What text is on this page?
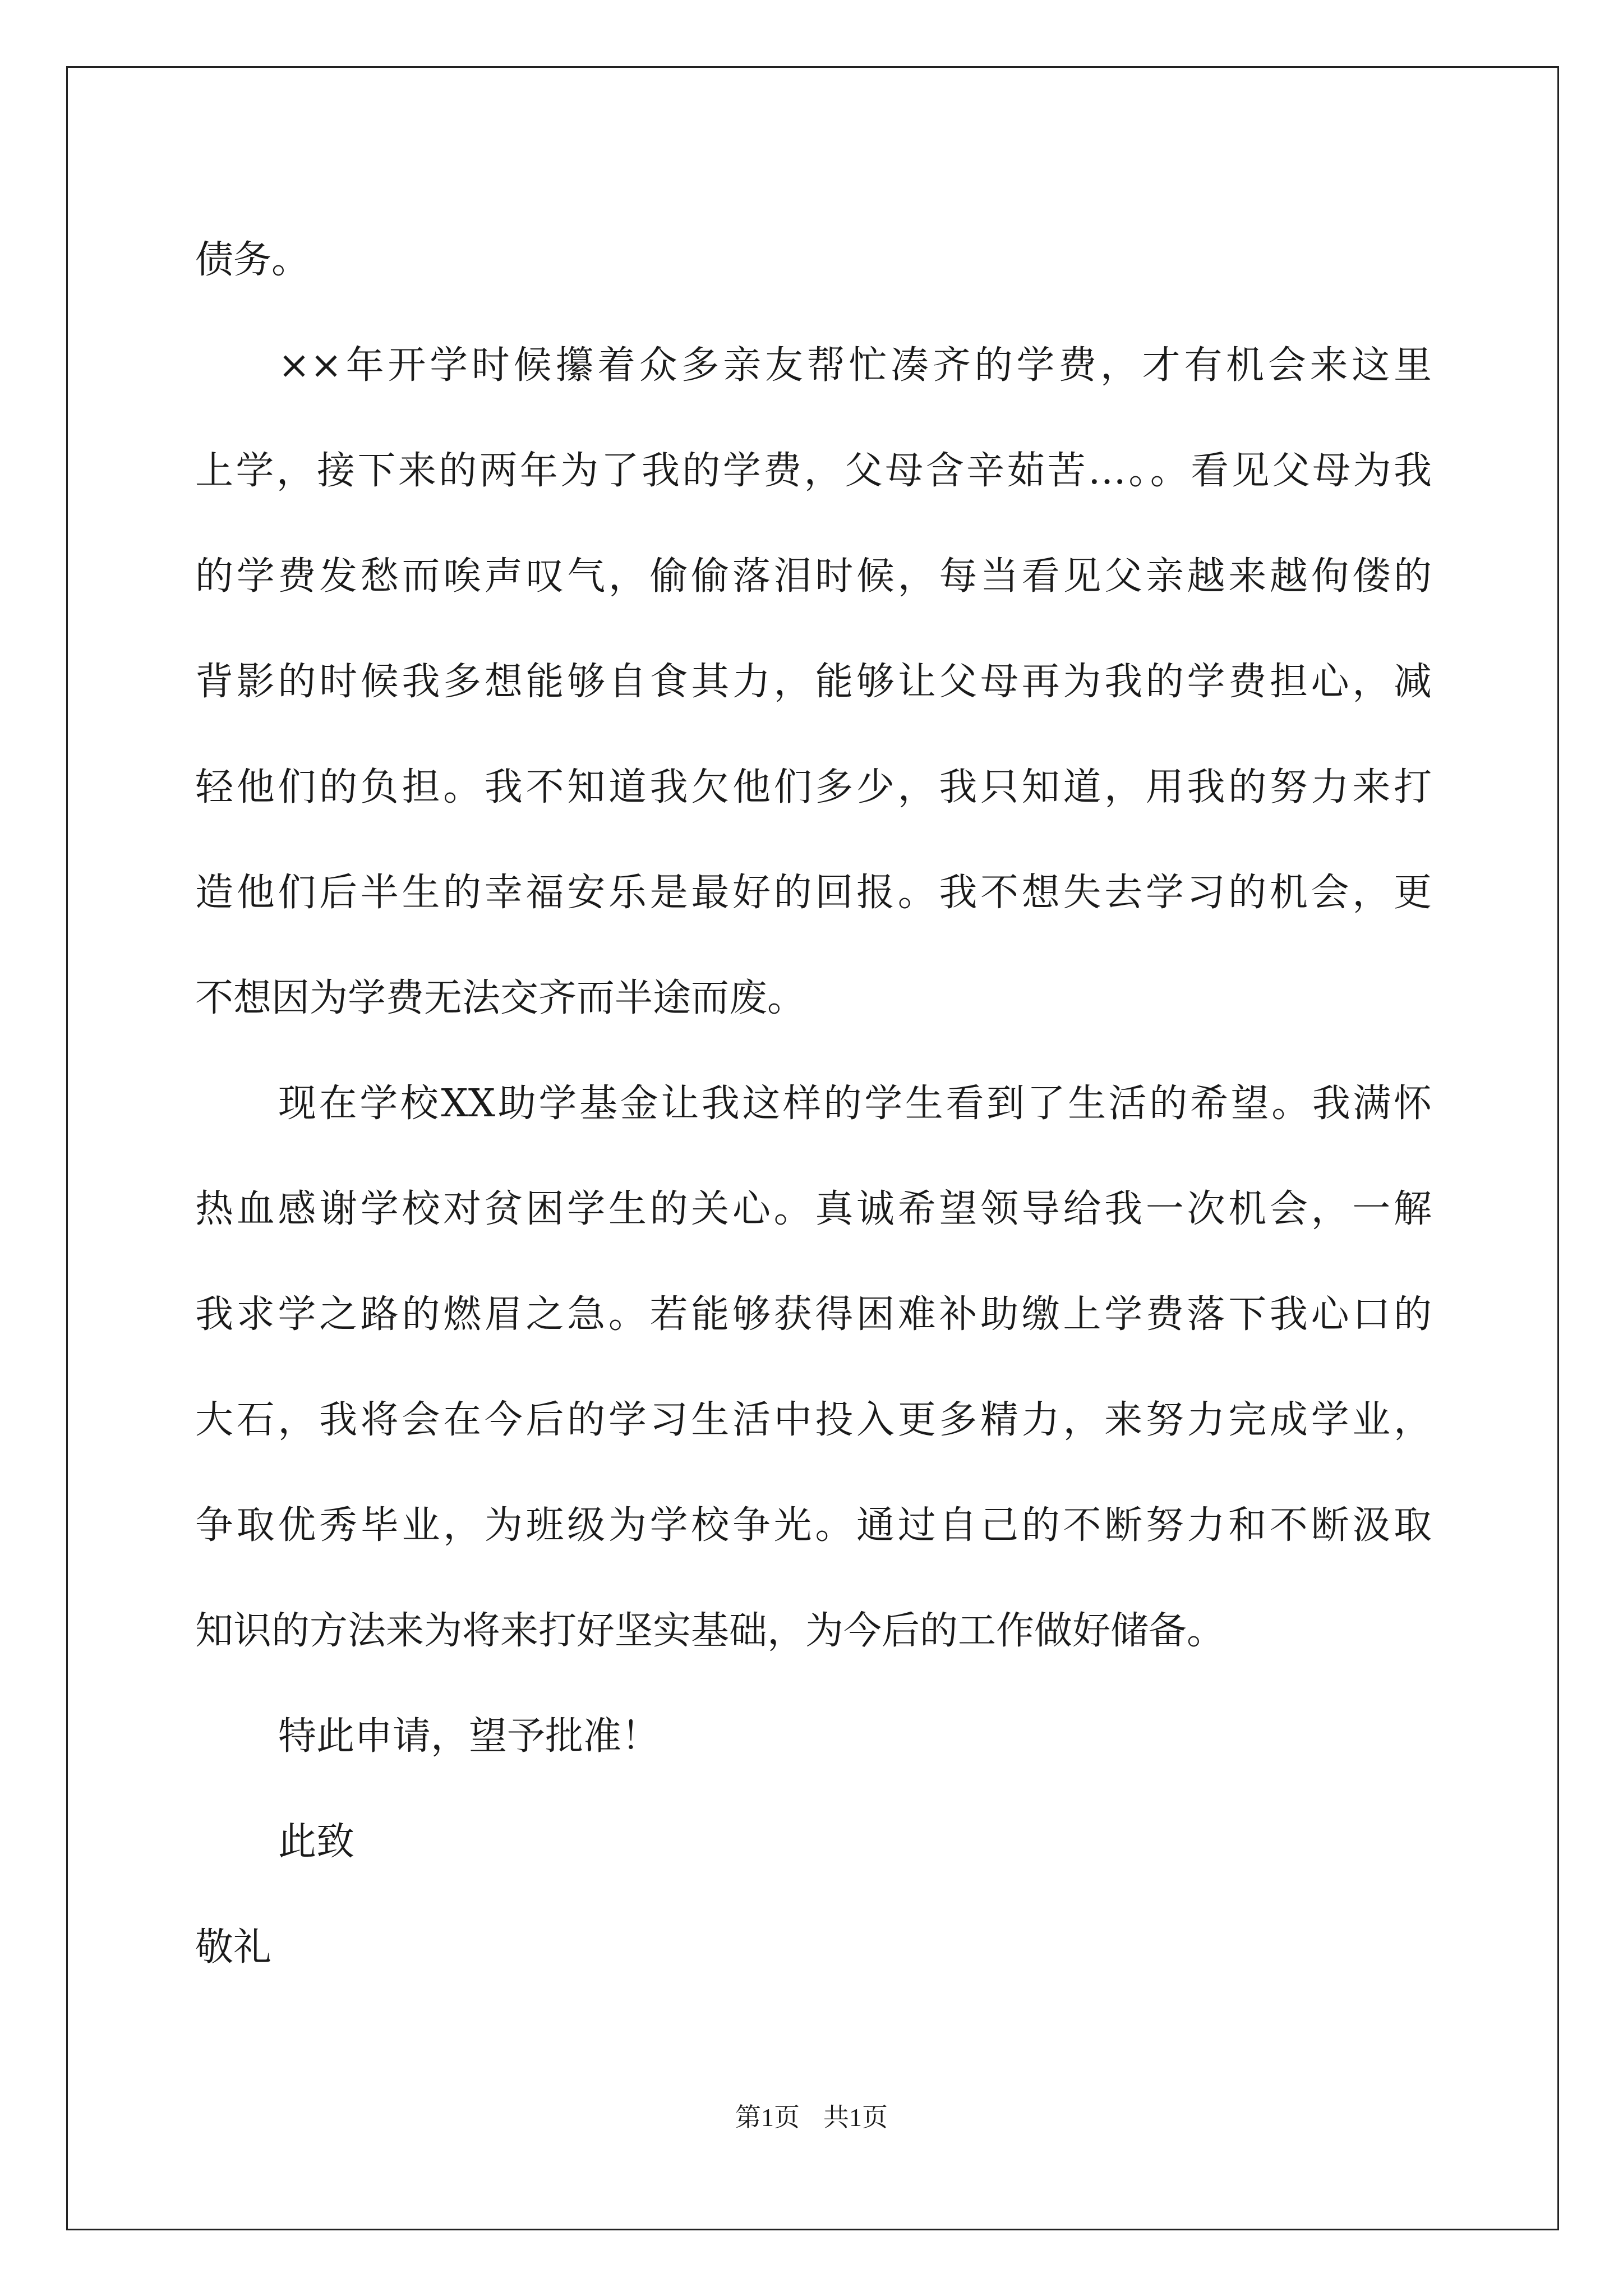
债务。
××年开学时候攥着众多亲友帮忙凑齐的学费，才有机会来这里
上学，接下来的两年为了我的学费，父母含辛茹苦…。。看见父母为我
的学费发愁而唉声叹气，偷偷落泪时候，每当看见父亲越来越佝偻的
背影的时候我多想能够自食其力，能够让父母再为我的学费担心，减
轻他们的负担。我不知道我欠他们多少，我只知道，用我的努力来打
造他们后半生的幸福安乐是最好的回报。我不想失去学习的机会，更
不想因为学费无法交齐而半途而废。
现在学校XX助学基金让我这样的学生看到了生活的希望。我满怀
热血感谢学校对贫困学生的关心。真诚希望领导给我一次机会，一解
我求学之路的燃眉之急。若能够获得困难补助缴上学费落下我心口的
大石，我将会在今后的学习生活中投入更多精力，来努力完成学业，
争取优秀毕业，为班级为学校争光。通过自己的不断努力和不断汲取
知识的方法来为将来打好坚实基础，为今后的工作做好储备。
特此申请，望予批准！
此致
敬礼
第1页 共1页
